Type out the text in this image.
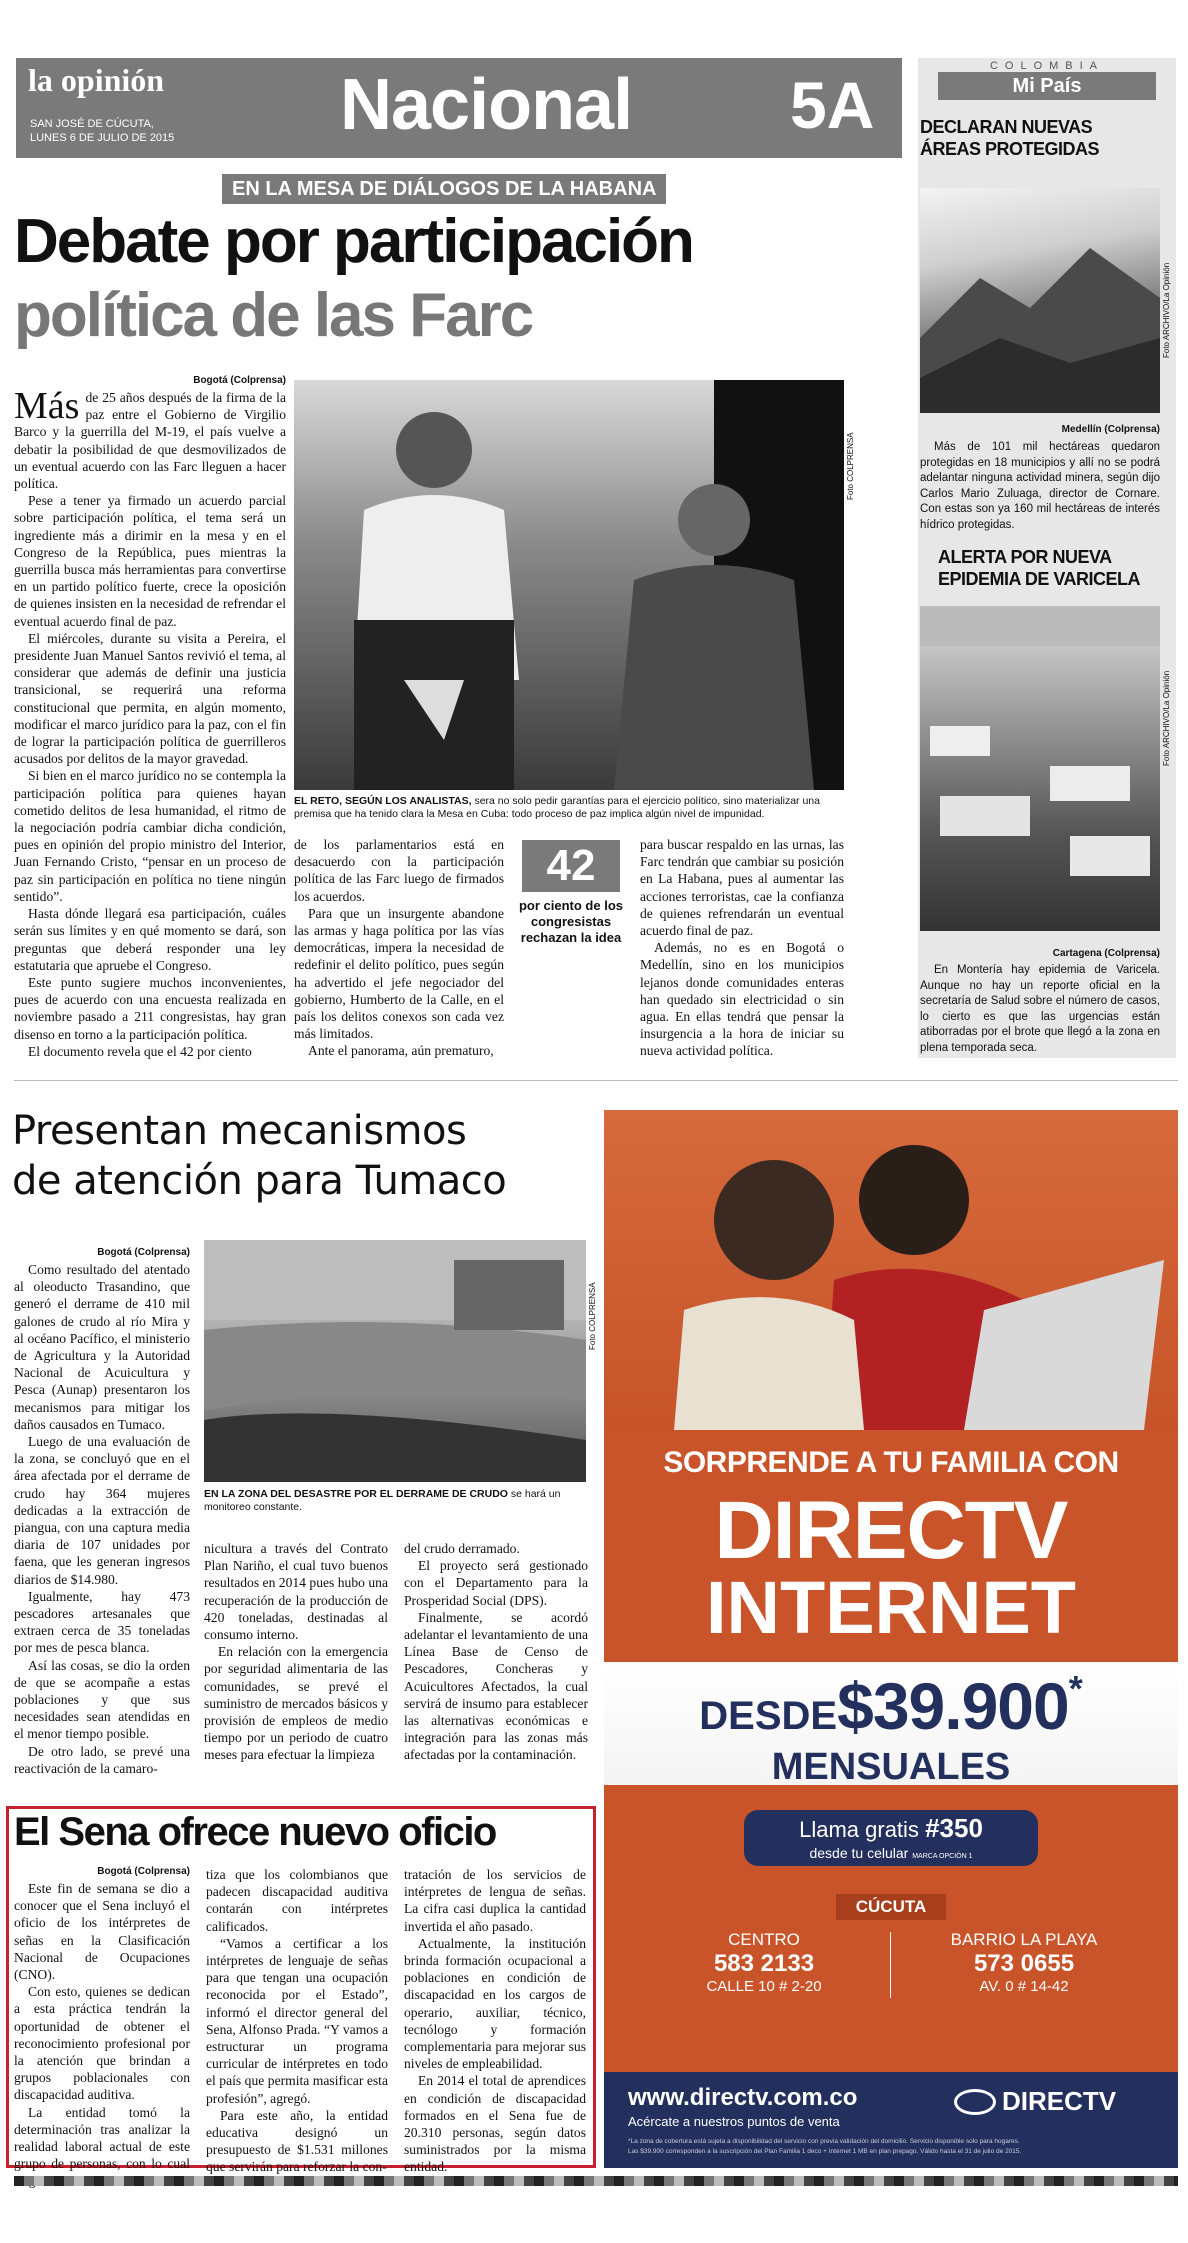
la opinión
SAN JOSÉ DE CÚCUTA,
LUNES 6 DE JULIO DE 2015 Nacional 5A
COLOMBIA
Mi País
DECLARAN NUEVAS
ÁREAS PROTEGIDAS
Foto ARCHIVO/La Opinión
Medellín (Colprensa)

Más de 101 mil hectáreas quedaron protegidas en 18 municipios y allí no se podrá adelantar ninguna actividad minera, según dijo Carlos Mario Zuluaga, director de Cornare. Con estas son ya 160 mil hectáreas de interés hídrico protegidas.

ALERTA POR NUEVA
EPIDEMIA DE VARICELA
Foto ARCHIVO/La Opinión
Cartagena (Colprensa)

En Montería hay epidemia de Varicela. Aunque no hay un reporte oficial en la secretaría de Salud sobre el número de casos, lo cierto es que las urgencias están atiborradas por el brote que llegó a la zona en plena temporada seca.

EN LA MESA DE DIÁLOGOS DE LA HABANA
Debate por participación
política de las Farc
Bogotá (Colprensa)

Más de 25 años después de la firma de la paz entre el Gobierno de Virgilio Barco y la guerrilla del M-19, el país vuelve a debatir la posibilidad de que desmovilizados de un eventual acuerdo con las Farc lleguen a hacer política.

Pese a tener ya firmado un acuerdo parcial sobre participación política, el tema será un ingrediente más a dirimir en la mesa y en el Congreso de la República, pues mientras la guerrilla busca más herramientas para convertirse en un partido político fuerte, crece la oposición de quienes insisten en la necesidad de refrendar el eventual acuerdo final de paz.

El miércoles, durante su visita a Pereira, el presidente Juan Manuel Santos revivió el tema, al considerar que además de definir una justicia transicional, se requerirá una reforma constitucional que permita, en algún momento, modificar el marco jurídico para la paz, con el fin de lograr la participación política de guerrilleros acusados por delitos de la mayor gravedad.

Si bien en el marco jurídico no se contempla la participación política para quienes hayan cometido delitos de lesa humanidad, el ritmo de la negociación podría cambiar dicha condición, pues en opinión del propio ministro del Interior, Juan Fernando Cristo, “pensar en un proceso de paz sin participación en política no tiene ningún sentido”.

Hasta dónde llegará esa participación, cuáles serán sus límites y en qué momento se dará, son preguntas que deberá responder una ley estatutaria que apruebe el Congreso.

Este punto sugiere muchos inconvenientes, pues de acuerdo con una encuesta realizada en noviembre pasado a 211 congresistas, hay gran disenso en torno a la participación política.

El documento revela que el 42 por ciento

Foto COLPRENSA
EL RETO, SEGÚN LOS ANALISTAS, sera no solo pedir garantías para el ejercicio político, sino materializar una premisa que ha tenido clara la Mesa en Cuba: todo proceso de paz implica algún nivel de impunidad.

de los parlamentarios está en desacuerdo con la participación política de las Farc luego de firmados los acuerdos.

Para que un insurgente abandone las armas y haga política por las vías democráticas, impera la necesidad de redefinir el delito político, pues según ha advertido el jefe negociador del gobierno, Humberto de la Calle, en el país los delitos conexos son cada vez más limitados.

Ante el panorama, aún prematuro,

42
por ciento de los congresistas rechazan la idea

para buscar respaldo en las urnas, las Farc tendrán que cambiar su posición en La Habana, pues al aumentar las acciones terroristas, cae la confianza de quienes refrendarán un eventual acuerdo final de paz.

Además, no es en Bogotá o Medellín, sino en los municipios lejanos donde comunidades enteras han quedado sin electricidad o sin agua. En ellas tendrá que pensar la insurgencia a la hora de iniciar su nueva actividad política.

Presentan mecanismos
de atención para Tumaco
Bogotá (Colprensa)

Como resultado del atentado al oleoducto Trasandino, que generó el derrame de 410 mil galones de crudo al río Mira y al océano Pacífico, el ministerio de Agricultura y la Autoridad Nacional de Acuicultura y Pesca (Aunap) presentaron los mecanismos para mitigar los daños causados en Tumaco.

Luego de una evaluación de la zona, se concluyó que en el área afectada por el derrame de crudo hay 364 mujeres dedicadas a la extracción de piangua, con una captura media diaria de 107 unidades por faena, que les generan ingresos diarios de $14.980.

Igualmente, hay 473 pescadores artesanales que extraen cerca de 35 toneladas por mes de pesca blanca.

Así las cosas, se dio la orden de que se acompañe a estas poblaciones y que sus necesidades sean atendidas en el menor tiempo posible.

De otro lado, se prevé una reactivación de la camaro-

Foto COLPRENSA
EN LA ZONA DEL DESASTRE POR EL DERRAME DE CRUDO se hará un monitoreo constante.

nicultura a través del Contrato Plan Nariño, el cual tuvo buenos resultados en 2014 pues hubo una recuperación de la producción de 420 toneladas, destinadas al consumo interno.

En relación con la emergencia por seguridad alimentaria de las comunidades, se prevé el suministro de mercados básicos y provisión de empleos de medio tiempo por un periodo de cuatro meses para efectuar la limpieza

del crudo derramado.

El proyecto será gestionado con el Departamento para la Prosperidad Social (DPS).

Finalmente, se acordó adelantar el levantamiento de una Línea Base de Censo de Pescadores, Concheras y Acuicultores Afectados, la cual servirá de insumo para establecer las alternativas económicas e integración para las zonas más afectadas por la contaminación.

El Sena ofrece nuevo oficio
Bogotá (Colprensa)

Este fin de semana se dio a conocer que el Sena incluyó el oficio de los intérpretes de señas en la Clasificación Nacional de Ocupaciones (CNO).

Con esto, quienes se dedican a esta práctica tendrán la oportunidad de obtener el reconocimiento profesional por la atención que brindan a grupos poblacionales con discapacidad auditiva.

La entidad tomó la determinación tras analizar la realidad laboral actual de este grupo de personas, con lo cual

tiza que los colombianos que padecen discapacidad auditiva contarán con intérpretes calificados.

“Vamos a certificar a los intérpretes de lenguaje de señas para que tengan una ocupación reconocida por el Estado”, informó el director general del Sena, Alfonso Prada. “Y vamos a estructurar un programa curricular de intérpretes en todo el país que permita masificar esta profesión”, agregó.

Para este año, la entidad educativa designó un presupuesto de $1.531 millones que servirán para reforzar la con-

tratación de los servicios de intérpretes de lengua de señas. La cifra casi duplica la cantidad invertida el año pasado.

Actualmente, la institución brinda formación ocupacional a poblaciones en condición de discapacidad en los cargos de operario, auxiliar, técnico, tecnólogo y formación complementaria para mejorar sus niveles de empleabilidad.

En 2014 el total de aprendices en condición de discapacidad formados en el Sena fue de 20.310 personas, según datos suministrados por la misma entidad.

SORPRENDE A TU FAMILIA CON
DIRECTV
INTERNET
DESDE$39.900*
MENSUALES
Llama gratis #350
desde tu celular MARCA OPCIÓN 1
CÚCUTA
CENTRO
583 2133
CALLE 10 # 2-20
BARRIO LA PLAYA
573 0655
AV. 0 # 14-42
www.directv.com.co
Acércate a nuestros puntos de venta
DIRECTV
*La zona de cobertura está sujeta a disponibilidad del servicio con previa validación del domicilio. Servicio disponible solo para hogares.
Las $39.900 corresponden a la suscripción del Plan Familia 1 deco + Internet 1 MB en plan prepago. Válido hasta el 31 de julio de 2015.
